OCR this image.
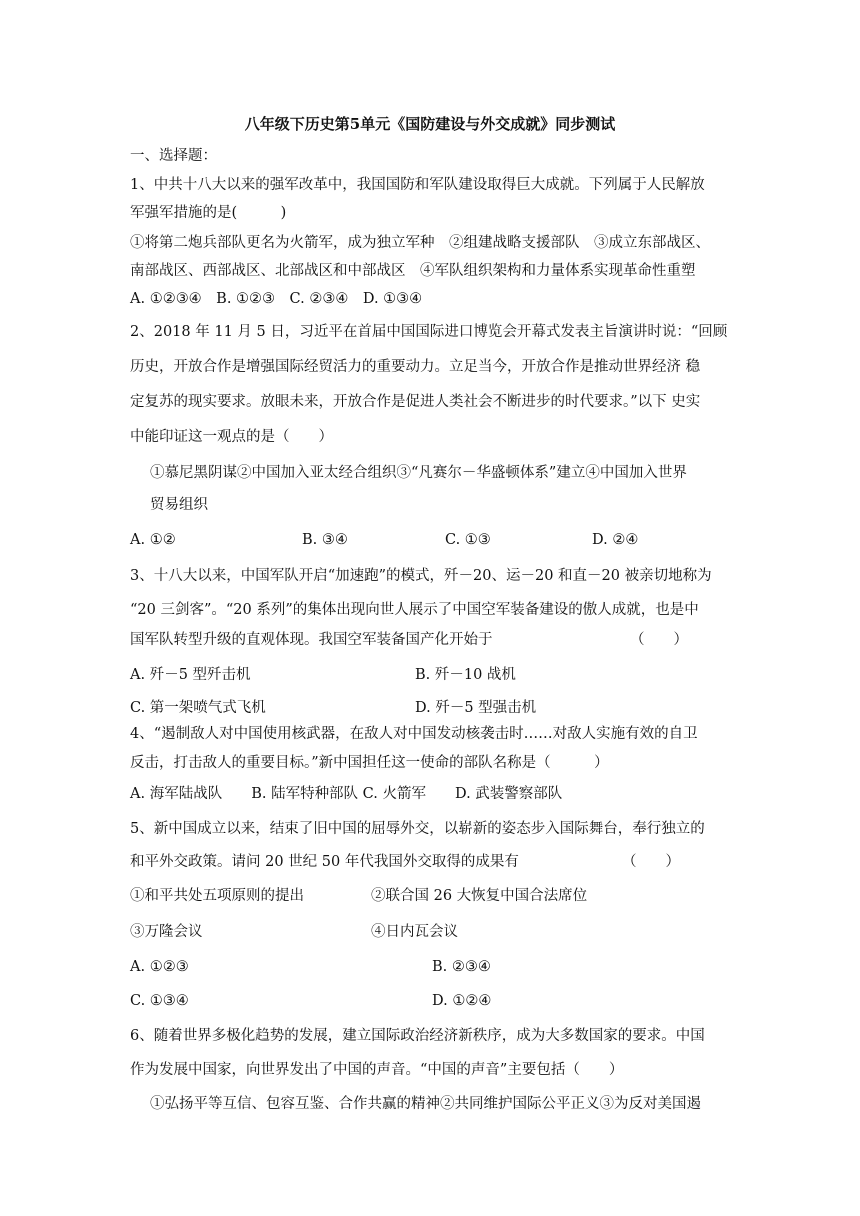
八年级下历史第5单元《国防建设与外交成就》同步测试
一、选择题：
1、中共十八大以来的强军改革中，我国国防和军队建设取得巨大成就。下列属于人民解放
军强军措施的是(　　　)
①将第二炮兵部队更名为火箭军，成为独立军种　②组建战略支援部队　③成立东部战区、
南部战区、西部战区、北部战区和中部战区　④军队组织架构和力量体系实现革命性重塑
A. ①②③④　B. ①②③　C. ②③④　D. ①③④
2、2018 年 11 月 5 日，习近平在首届中国国际进口博览会开幕式发表主旨演讲时说：“回顾
历史，开放合作是增强国际经贸活力的重要动力。立足当今，开放合作是推动世界经济 稳
定复苏的现实要求。放眼未来，开放合作是促进人类社会不断进步的时代要求。”以下 史实
中能印证这一观点的是（　　）
①慕尼黑阴谋②中国加入亚太经合组织③“凡赛尔－华盛顿体系”建立④中国加入世界
贸易组织
A. ①②	B. ③④	C. ①③	D. ②④
3、十八大以来，中国军队开启“加速跑”的模式，歼－20、运－20 和直－20 被亲切地称为
“20 三剑客”。“20 系列”的集体出现向世人展示了中国空军装备建设的傲人成就，也是中
国军队转型升级的直观体现。我国空军装备国产化开始于	（　　）
A. 歼－5 型歼击机	B. 歼－10 战机
C. 第一架喷气式飞机	D. 歼－5 型强击机
4、“遏制敌人对中国使用核武器，在敌人对中国发动核袭击时……对敌人实施有效的自卫
反击，打击敌人的重要目标。”新中国担任这一使命的部队名称是（　　　）
A. 海军陆战队　　B. 陆军特种部队 C. 火箭军　　D. 武装警察部队
5、新中国成立以来，结束了旧中国的屈辱外交，以崭新的姿态步入国际舞台，奉行独立的
和平外交政策。请问 20 世纪 50 年代我国外交取得的成果有	（　　）
①和平共处五项原则的提出	②联合国 26 大恢复中国合法席位
③万隆会议	④日内瓦会议
A. ①②③	B. ②③④
C. ①③④	D. ①②④
6、随着世界多极化趋势的发展，建立国际政治经济新秩序，成为大多数国家的要求。中国
作为发展中国家，向世界发出了中国的声音。“中国的声音”主要包括（　　）
①弘扬平等互信、包容互鉴、合作共赢的精神②共同维护国际公平正义③为反对美国遏
